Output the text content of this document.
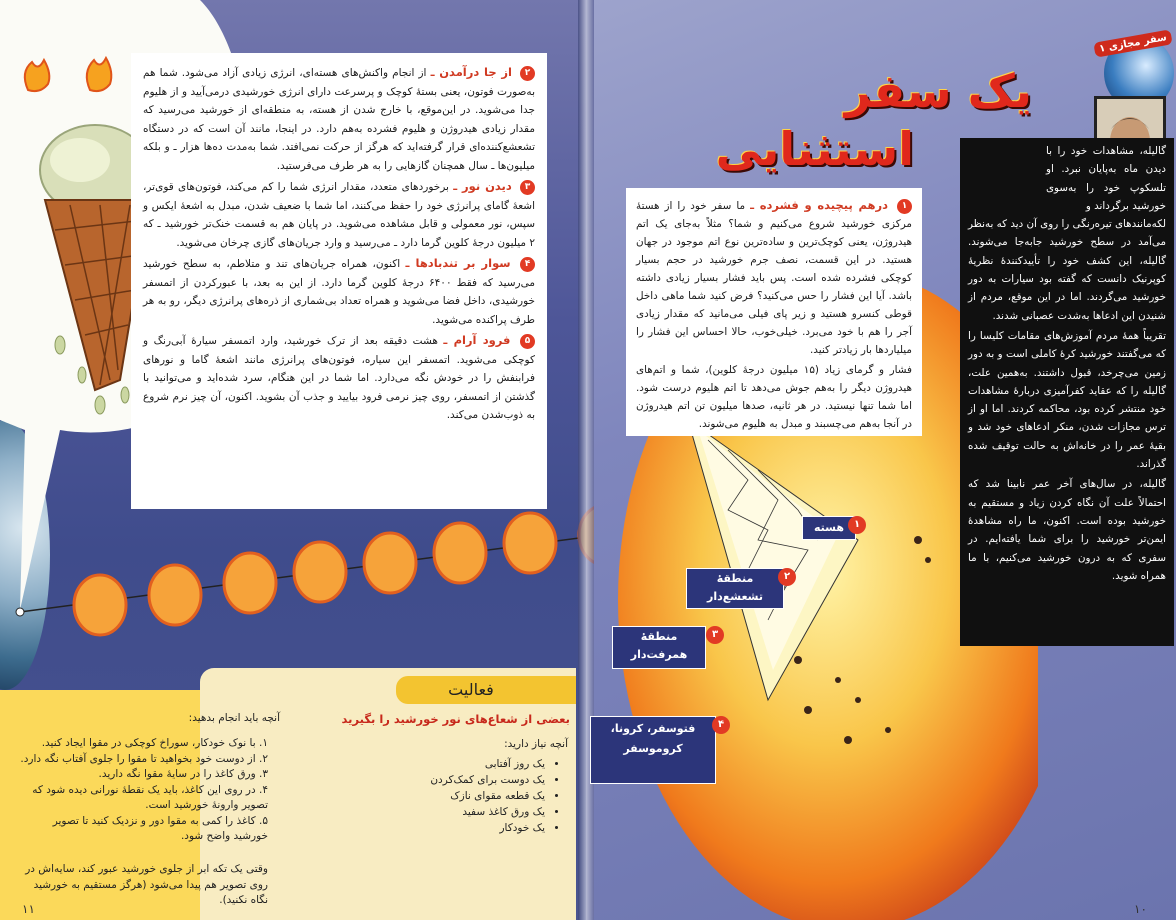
۲ از جا درآمدن ـ از انجام واکنش‌های هسته‌ای، انرژی زیادی آزاد می‌شود. شما هم به‌صورت فوتون، یعنی بستهٔ کوچک و پرسرعت دارای انرژی خورشیدی درمی‌آیید و از هلیوم جدا می‌شوید. در این‌موقع، با خارج شدن از هسته، به منطقه‌ای از خورشید می‌رسید که مقدار زیادی هیدروژن و هلیوم فشرده به‌هم دارد. در اینجا، مانند آن است که در دستگاه تشعشع‌کننده‌ای قرار گرفته‌اید که هرگز از حرکت نمی‌افتد. شما به‌مدت ده‌ها هزار ـ و بلکه میلیون‌ها ـ سال همچنان گازهایی را به هر طرف می‌فرستید.

۳ دیدن نور ـ برخوردهای متعدد، مقدار انرژی شما را کم می‌کند، فوتون‌های قوی‌تر، اشعهٔ گامای پرانرژی خود را حفظ می‌کنند، اما شما با ضعیف شدن، مبدل به اشعهٔ ایکس و سپس، نور معمولی و قابل مشاهده می‌شوید. در پایان هم به قسمت خنک‌تر خورشید ـ که ۲ میلیون درجهٔ کلوین گرما دارد ـ می‌رسید و وارد جریان‌های گازی چرخان می‌شوید.

۴ سوار بر تندبادها ـ اکنون، همراه جریان‌های تند و متلاطم، به سطح خورشید می‌رسید که فقط ۶۴۰۰ درجهٔ کلوین گرما دارد. از این به بعد، با عبورکردن از اتمسفر خورشیدی، داخل فضا می‌شوید و همراه تعداد بی‌شماری از ذره‌های پرانرژی دیگر، رو به هر طرف پراکنده می‌شوید.

۵ فرود آرام ـ هشت دقیقه بعد از ترک خورشید، وارد اتمسفر سیارهٔ آبی‌رنگ و کوچکی می‌شوید. اتمسفر این سیاره، فوتون‌های پرانرژی مانند اشعهٔ گاما و نورهای فرابنفش را در خودش نگه می‌دارد. اما شما در این هنگام، سرد شده‌اید و می‌توانید با گذشتن از اتمسفر، روی چیز نرمی فرود بیایید و جذب آن بشوید. اکنون، آن چیز نرم شروع به ذوب‌شدن می‌کند.

فعالیت
بعضی از شعاع‌های نور خورشید را بگیرید
آنچه نیاز دارید:
• یک روز آفتابی
• یک دوست برای کمک‌کردن
• یک قطعه مقوای نازک
• یک ورق کاغذ سفید
• یک خودکار
آنچه باید انجام بدهید:
۱. با نوک خودکار، سوراخ کوچکی در مقوا ایجاد کنید.
۲. از دوست خود بخواهید تا مقوا را جلوی آفتاب نگه دارد.
۳. ورق کاغذ را در سایهٔ مقوا نگه دارید.
۴. در روی این کاغذ، باید یک نقطهٔ نورانی دیده شود که تصویر وارونهٔ خورشید است.
۵. کاغذ را کمی به مقوا دور و نزدیک کنید تا تصویر خورشید واضح شود.
وقتی یک تکه ابر از جلوی خورشید عبور کند، سایه‌اش در روی تصویر هم پیدا می‌شود (هرگز مستقیم به خورشید نگاه نکنید).
۱۱
یک سفر
استثنایی
سفر مجازی ۱
گالیله، مشاهدات خود را با دیدن ماه به‌پایان نبرد. او تلسکوپ خود را به‌سوی خورشید برگرداند و
لکه‌مانندهای تیره‌رنگی را روی آن دید که به‌نظر می‌آمد در سطح خورشید جابه‌جا می‌شوند. گالیله، این کشف خود را تأییدکنندهٔ نظریهٔ کوپرنیک دانست که گفته بود سیارات به دور خورشید می‌گردند. اما در این موقع، مردم از شنیدن این ادعاها به‌شدت عصبانی شدند.
تقریباً همهٔ مردم آموزش‌های مقامات کلیسا را که می‌گفتند خورشید کرهٔ کاملی است و به دور زمین می‌چرخد، قبول داشتند. به‌همین علت، گالیله را که عقاید کفرآمیزی دربارهٔ مشاهدات خود منتشر کرده بود، محاکمه کردند. اما او از ترس مجازات شدن، منکر ادعاهای خود شد و بقیهٔ عمر را در خانه‌اش به حالت توقیف شده گذراند.
گالیله، در سال‌های آخر عمر نابینا شد که احتمالاً علت آن نگاه کردن زیاد و مستقیم به خورشید بوده است. اکنون، ما راه مشاهدهٔ ایمن‌تر خورشید را برای شما یافته‌ایم. در سفری که به درون خورشید می‌کنیم، با ما همراه شوید.

۱ درهم پیچیده و فشرده ـ ما سفر خود را از هستهٔ مرکزی خورشید شروع می‌کنیم و شما؟ مثلاً به‌جای یک اتم هیدروژن، یعنی کوچک‌ترین و ساده‌ترین نوع اتم موجود در جهان هستید. در این قسمت، نصف جرم خورشید در حجم بسیار کوچکی فشرده شده است. پس باید فشار بسیار زیادی داشته باشد. آیا این فشار را حس می‌کنید؟ فرض کنید شما ماهی داخل قوطی کنسرو هستید و زیر پای فیلی می‌مانید که مقدار زیادی آجر را هم با خود می‌برد. خیلی‌خوب، حالا احساس این فشار را میلیاردها بار زیادتر کنید.

فشار و گرمای زیاد (۱۵ میلیون درجهٔ کلوین)، شما و اتم‌های هیدروژن دیگر را به‌هم جوش می‌دهد تا اتم هلیوم درست شود. اما شما تنها نیستید. در هر ثانیه، صدها میلیون تن اتم هیدروژن در آنجا به‌هم می‌چسبند و مبدل به هلیوم می‌شوند.

هسته ۱
منطقهٔ تشعشع‌دار
۲
منطقهٔ همرفت‌دار
۳
فتوسفر، کرونا، کروموسفر
۴
۱۰
